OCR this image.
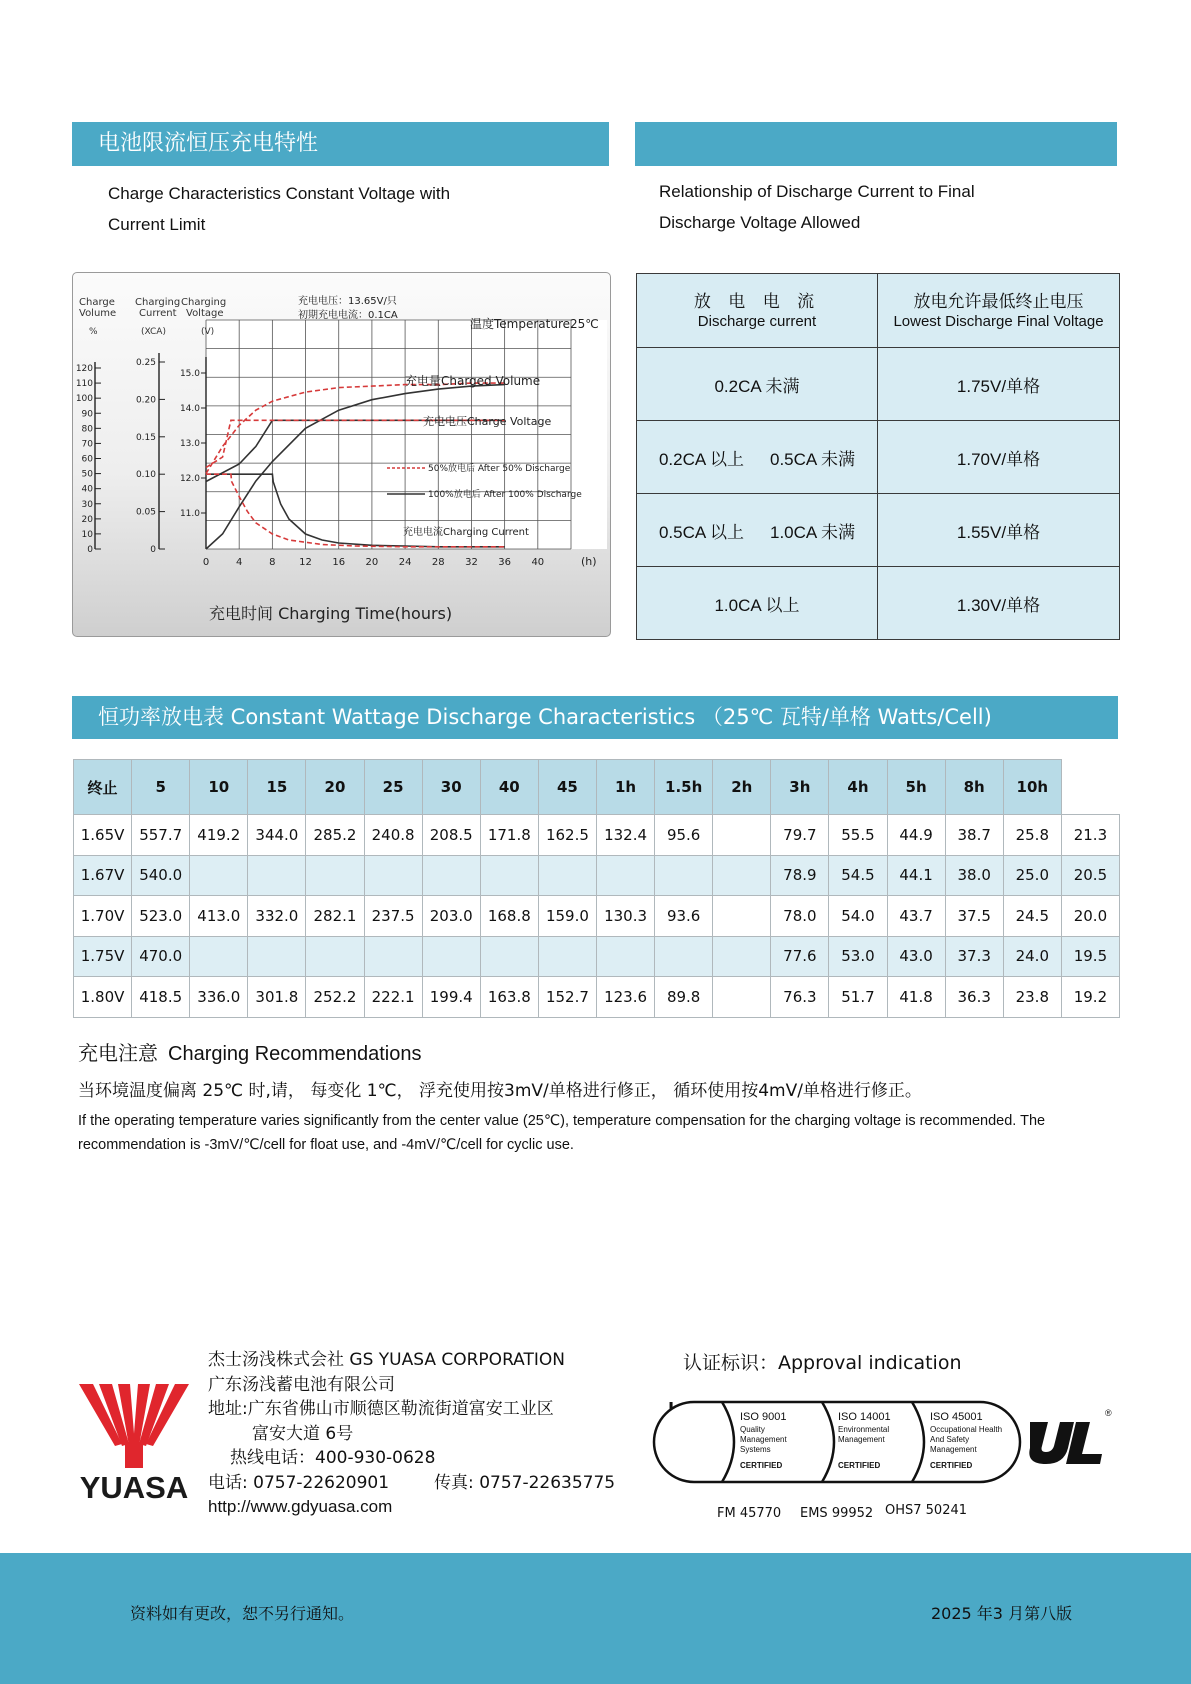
电池限流恒压充电特性
Charge Characteristics Constant Voltage with
Current Limit
Relationship of Discharge Current to Final
Discharge Voltage Allowed
120
110
100
90
80
70
60
50
40
30
20
10
0
0.25
0.20
0.15
0.10
0.05
0
15.0
14.0
13.0
12.0
11.0
0	4	8 12 16 20 24 28 32 36 40
Charge
Volume
%
Charging
Current
(XCA)
Charging
Voltage
(V)
充电电压：13.65V/只
初期充电电流：0.1CA
温度Temperature25℃
充电量Charged Volume
充电电压Charge Voltage
充电电流Charging Current
50%放电后 After 50% Discharge
100%放电后 After 100% Discharge
(h)
充电时间 Charging Time(hours)
放 电 电 流
Discharge current	放电允许最低终止电压
Lowest Discharge Final Voltage

0.2CA 未满	1.75V/单格
0.2CA 以上 0.5CA 未满	1.70V/单格
0.5CA 以上 1.0CA 未满	1.55V/单格
1.0CA 以上	1.30V/单格
恒功率放电表 Constant Wattage Discharge Characteristics （25℃ 瓦特/单格 Watts/Cell)
终止	5	10	15	20	25	30	40	45	1h	1.5h	2h	3h	4h	5h	8h	10h	
1.65V	557.7	419.2	344.0	285.2	240.8	208.5	171.8	162.5	132.4	95.6		79.7	55.5	44.9	38.7	25.8	21.3
1.67V	540.0											78.9	54.5	44.1	38.0	25.0	20.5
1.70V	523.0	413.0	332.0	282.1	237.5	203.0	168.8	159.0	130.3	93.6		78.0	54.0	43.7	37.5	24.5	20.0
1.75V	470.0											77.6	53.0	43.0	37.3	24.0	19.5
1.80V	418.5	336.0	301.8	252.2	222.1	199.4	163.8	152.7	123.6	89.8		76.3	51.7	41.8	36.3	23.8	19.2
充电注意 Charging Recommendations
当环境温度偏离 25℃ 时,请， 每变化 1℃， 浮充使用按3mV/单格进行修正， 循环使用按4mV/单格进行修正。
If the operating temperature varies significantly from the center value (25℃), temperature compensation for the charging voltage is recommended. The recommendation is -3mV/℃/cell for float use, and -4mV/℃/cell for cyclic use.
YUASA
杰士汤浅株式会社 GS YUASA CORPORATION
广东汤浅蓄电池有限公司
地址:广东省佛山市顺德区勒流街道富安工业区
富安大道 6号
热线电话：400-930-0628
电话: 0757-22620901	传真: 0757-22635775
http://www.gdyuasa.com
认证标识：Approval indication
ISO 9001
Quality
Management
Systems
CERTIFIED
ISO 14001
Environmental
Management
CERTIFIED
ISO 45001
Occupational Health
And Safety
Management
CERTIFIED
®
FM 45770 EMS 99952 OHS7 50241
资料如有更改，恕不另行通知。	2025 年3 月第八版
